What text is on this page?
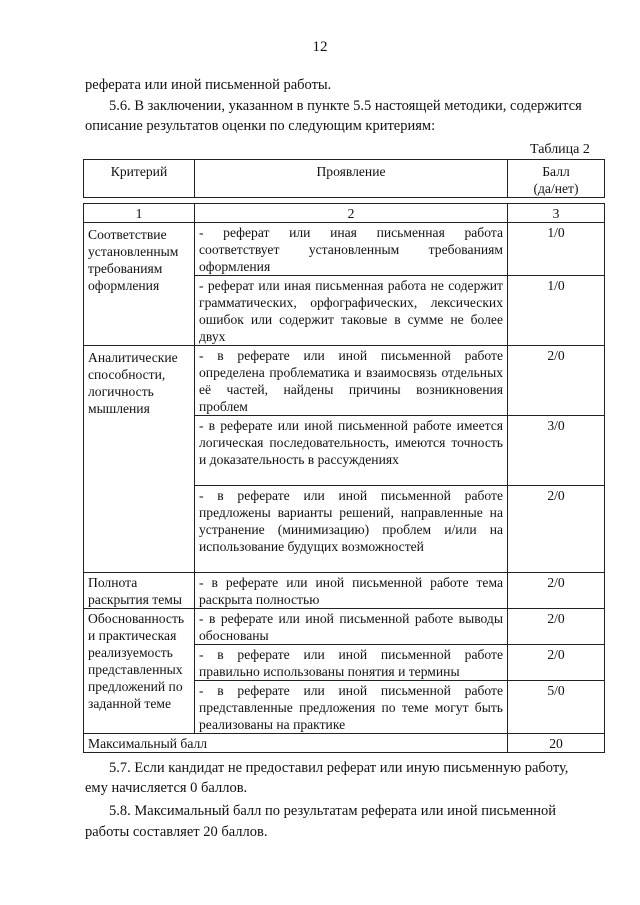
12
реферата или иной письменной работы.
5.6. В заключении, указанном в пункте 5.5 настоящей методики, содержится
описание результатов оценки по следующим критериям:
Таблица 2
Критерий	Проявление	Балл
(да/нет)

1	2	3
Соответствие установленным требованиям оформления	- реферат или иная письменная работа соответствует установленным требованиям оформления	1/0
	- реферат или иная письменная работа не содержит грамматических, орфографических, лексических ошибок или содержит таковые в сумме не более двух	1/0
Аналитические способности, логичность мышления	- в реферате или иной письменной работе определена проблематика и взаимосвязь отдельных её частей, найдены причины возникновения проблем	2/0
	- в реферате или иной письменной работе имеется логическая последовательность, имеются точность и доказательность в рассуждениях	3/0
	- в реферате или иной письменной работе предложены варианты решений, направленные на устранение (минимизацию) проблем и/или на использование будущих возможностей	2/0
Полнота раскрытия темы	- в реферате или иной письменной работе тема раскрыта полностью	2/0
Обоснованность и практическая реализуемость представленных предложений по заданной теме	- в реферате или иной письменной работе выводы обоснованы	2/0
	- в реферате или иной письменной работе правильно использованы понятия и термины	2/0
	- в реферате или иной письменной работе представленные предложения по теме могут быть реализованы на практике	5/0
Максимальный балл		20
5.7. Если кандидат не предоставил реферат или иную письменную работу,
ему начисляется 0 баллов.
5.8. Максимальный балл по результатам реферата или иной письменной
работы составляет 20 баллов.
